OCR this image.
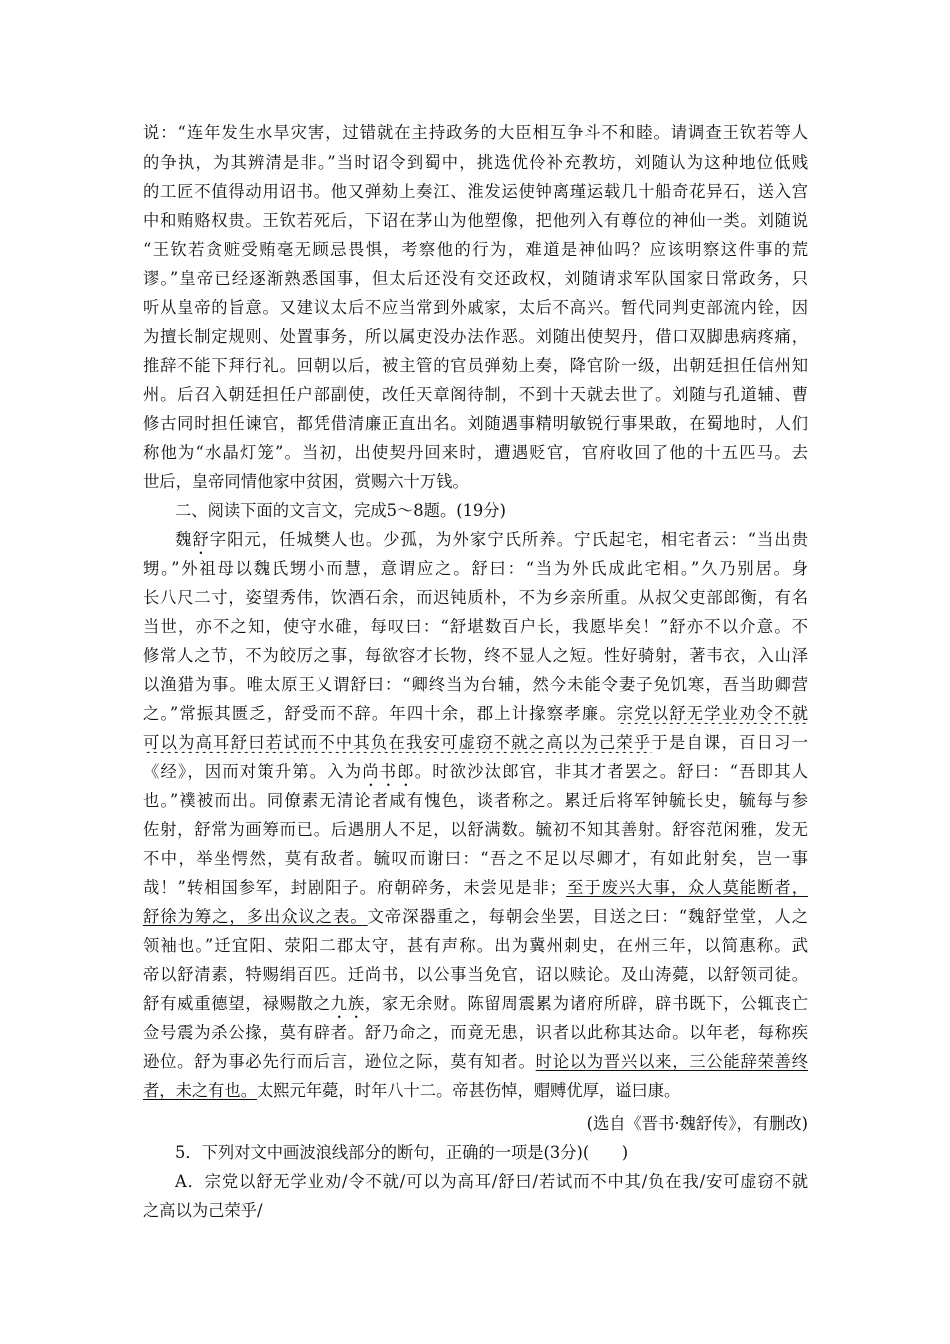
说：“连年发生水旱灾害，过错就在主持政务的大臣相互争斗不和睦。请调查王钦若等人
的争执，为其辨清是非。”当时诏令到蜀中，挑选优伶补充教坊，刘随认为这种地位低贱
的工匠不值得动用诏书。他又弹劾上奏江、淮发运使钟离瑾运载几十船奇花异石，送入宫
中和贿赂权贵。王钦若死后，下诏在茅山为他塑像，把他列入有尊位的神仙一类。刘随说
“王钦若贪赃受贿毫无顾忌畏惧，考察他的行为，难道是神仙吗？应该明察这件事的荒
谬。”皇帝已经逐渐熟悉国事，但太后还没有交还政权，刘随请求军队国家日常政务，只
听从皇帝的旨意。又建议太后不应当常到外戚家，太后不高兴。暂代同判吏部流内铨，因
为擅长制定规则、处置事务，所以属吏没办法作恶。刘随出使契丹，借口双脚患病疼痛，
推辞不能下拜行礼。回朝以后，被主管的官员弹劾上奏，降官阶一级，出朝廷担任信州知
州。后召入朝廷担任户部副使，改任天章阁待制，不到十天就去世了。刘随与孔道辅、曹
修古同时担任谏官，都凭借清廉正直出名。刘随遇事精明敏锐行事果敢，在蜀地时，人们
称他为“水晶灯笼”。当初，出使契丹回来时，遭遇贬官，官府收回了他的十五匹马。去
世后，皇帝同情他家中贫困，赏赐六十万钱。
二、阅读下面的文言文，完成5～8题。(19分)
魏舒字阳元，任城樊人也。少孤，为外家宁氏所养。宁氏起宅，相宅者云：“当出贵
甥。”外祖母以魏氏甥小而慧，意谓应之。舒曰：“当为外氏成此宅相。”久乃别居。身
长八尺二寸，姿望秀伟，饮酒石余，而迟钝质朴，不为乡亲所重。从叔父吏部郎衡，有名
当世，亦不之知，使守水碓，每叹曰：“舒堪数百户长，我愿毕矣！”舒亦不以介意。不
修常人之节，不为皎厉之事，每欲容才长物，终不显人之短。性好骑射，著韦衣，入山泽
以渔猎为事。唯太原王乂谓舒曰：“卿终当为台辅，然今未能令妻子免饥寒，吾当助卿营
之。”常振其匮乏，舒受而不辞。年四十余，郡上计掾察孝廉。宗党以舒无学业劝令不就
可以为高耳舒曰若试而不中其负在我安可虚窃不就之高以为己荣乎于是自课，百日习一
《经》，因而对策升第。入为尚书郎。时欲沙汰郎官，非其才者罢之。舒曰：“吾即其人
也。”襆被而出。同僚素无清论者咸有愧色，谈者称之。累迁后将军钟毓长史，毓每与参
佐射，舒常为画筹而已。后遇朋人不足，以舒满数。毓初不知其善射。舒容范闲雅，发无
不中，举坐愕然，莫有敌者。毓叹而谢曰：“吾之不足以尽卿才，有如此射矣，岂一事
哉！”转相国参军，封剧阳子。府朝碎务，未尝见是非；至于废兴大事，众人莫能断者，
舒徐为筹之，多出众议之表。文帝深器重之，每朝会坐罢，目送之曰：“魏舒堂堂，人之
领袖也。”迁宜阳、荥阳二郡太守，甚有声称。出为冀州刺史，在州三年，以简惠称。武
帝以舒清素，特赐绢百匹。迁尚书，以公事当免官，诏以赎论。及山涛薨，以舒领司徒。
舒有威重德望，禄赐散之九族，家无余财。陈留周震累为诸府所辟，辟书既下，公辄丧亡
佥号震为杀公掾，莫有辟者。舒乃命之，而竟无患，识者以此称其达命。以年老，每称疾
逊位。舒为事必先行而后言，逊位之际，莫有知者。时论以为晋兴以来，三公能辞荣善终
者，未之有也。太熙元年薨，时年八十二。帝甚伤悼，赗赙优厚，谥曰康。
(选自《晋书·魏舒传》，有删改)
5．下列对文中画波浪线部分的断句，正确的一项是(3分)(　　)
A．宗党以舒无学业劝/令不就/可以为高耳/舒曰/若试而不中其/负在我/安可虚窃不就
之高以为己荣乎/
